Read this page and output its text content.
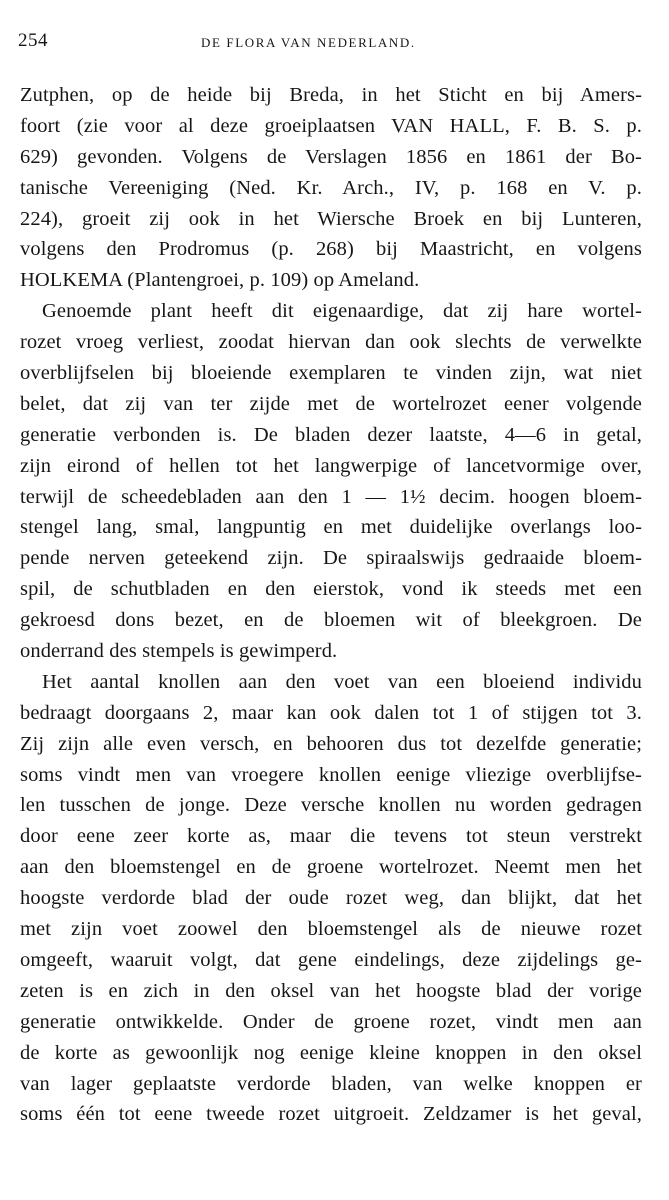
254	DE FLORA VAN NEDERLAND.
Zutphen, op de heide bij Breda, in het Sticht en bij Amers-
foort (zie voor al deze groeiplaatsen VAN HALL, F. B. S. p.
629) gevonden. Volgens de Verslagen 1856 en 1861 der Bo-
tanische Vereeniging (Ned. Kr. Arch., IV, p. 168 en V. p.
224), groeit zij ook in het Wiersche Broek en bij Lunteren,
volgens den Prodromus (p. 268) bij Maastricht, en volgens
HOLKEMA (Plantengroei, p. 109) op Ameland.
Genoemde plant heeft dit eigenaardige, dat zij hare wortel-
rozet vroeg verliest, zoodat hiervan dan ook slechts de verwelkte
overblijfselen bij bloeiende exemplaren te vinden zijn, wat niet
belet, dat zij van ter zijde met de wortelrozet eener volgende
generatie verbonden is. De bladen dezer laatste, 4—6 in getal,
zijn eirond of hellen tot het langwerpige of lancetvormige over,
terwijl de scheedebladen aan den 1 — 1½ decim. hoogen bloem-
stengel lang, smal, langpuntig en met duidelijke overlangs loo-
pende nerven geteekend zijn. De spiraalswijs gedraaide bloem-
spil, de schutbladen en den eierstok, vond ik steeds met een
gekroesd dons bezet, en de bloemen wit of bleekgroen. De
onderrand des stempels is gewimperd.
Het aantal knollen aan den voet van een bloeiend individu
bedraagt doorgaans 2, maar kan ook dalen tot 1 of stijgen tot 3.
Zij zijn alle even versch, en behooren dus tot dezelfde generatie;
soms vindt men van vroegere knollen eenige vliezige overblijfse-
len tusschen de jonge. Deze versche knollen nu worden gedragen
door eene zeer korte as, maar die tevens tot steun verstrekt
aan den bloemstengel en de groene wortelrozet. Neemt men het
hoogste verdorde blad der oude rozet weg, dan blijkt, dat het
met zijn voet zoowel den bloemstengel als de nieuwe rozet
omgeeft, waaruit volgt, dat gene eindelings, deze zijdelings ge-
zeten is en zich in den oksel van het hoogste blad der vorige
generatie ontwikkelde. Onder de groene rozet, vindt men aan
de korte as gewoonlijk nog eenige kleine knoppen in den oksel
van lager geplaatste verdorde bladen, van welke knoppen er
soms één tot eene tweede rozet uitgroeit. Zeldzamer is het geval,
